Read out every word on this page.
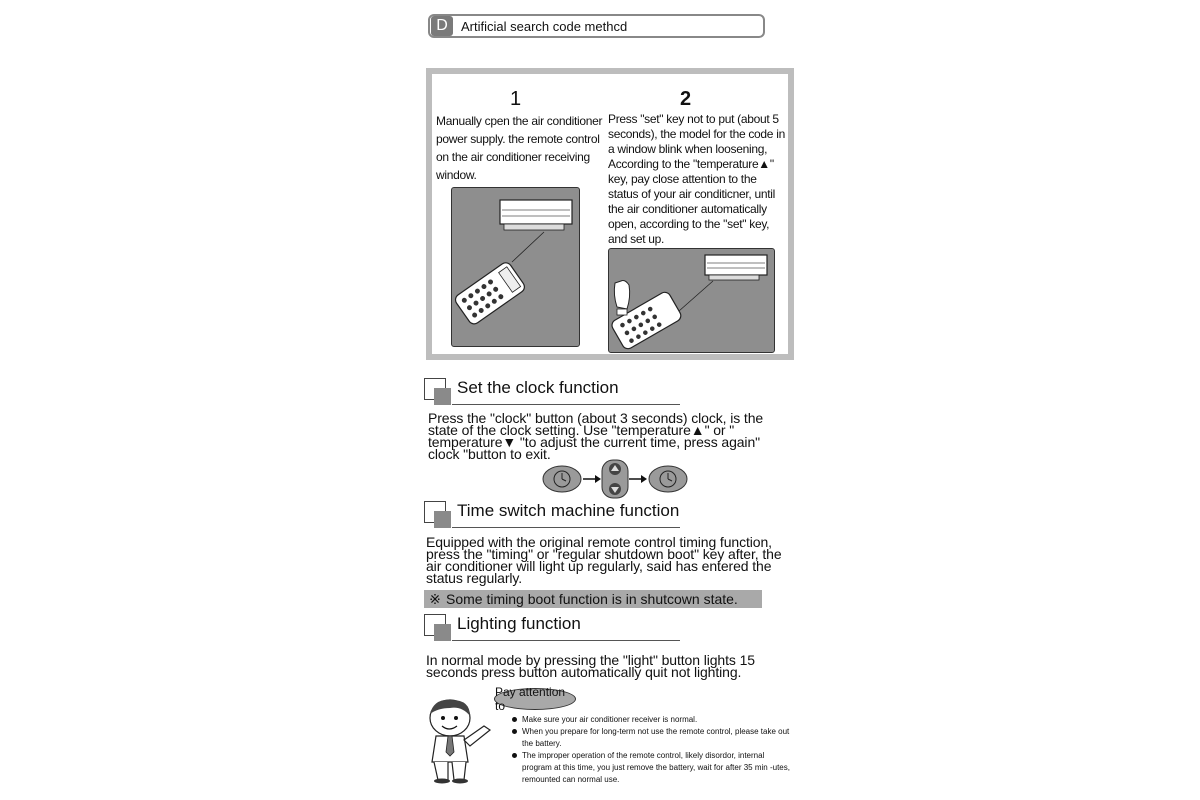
D	Artificial search code methcd
1	2
Manually cpen the air conditioner power supply. the remote control on the air conditioner receiving window.
Press "set" key not to put (about 5 seconds), the model for the code in a window blink when loosening, According to the "temperature▲" key, pay close attention to the status of your air conditicner, until the air conditioner automatically open, according to the "set" key, and set up.
Set the clock function
Press the "clock" button (about 3 seconds) clock, is the state of the clock setting. Use "temperature▲" or " temperature▼ "to adjust the current time, press again" clock "button to exit.
Time switch machine function
Equipped with the original remote control timing function, press the "timing" or "regular shutdown boot" key after, the air conditioner will light up regularly, said has entered the status regularly.
※ Some timing boot function is in shutcown state.
Lighting function
In normal mode by pressing the "light" button lights 15 seconds press button automatically quit not lighting.
Pay attention to
Make sure your air conditioner receiver is normal.
When you prepare for long-term not use the remote control, please take out the battery.
The improper operation of the remote control, likely disordor, internal program at this time, you just remove the battery, wait for after 35 min -utes, remounted can normal use.
